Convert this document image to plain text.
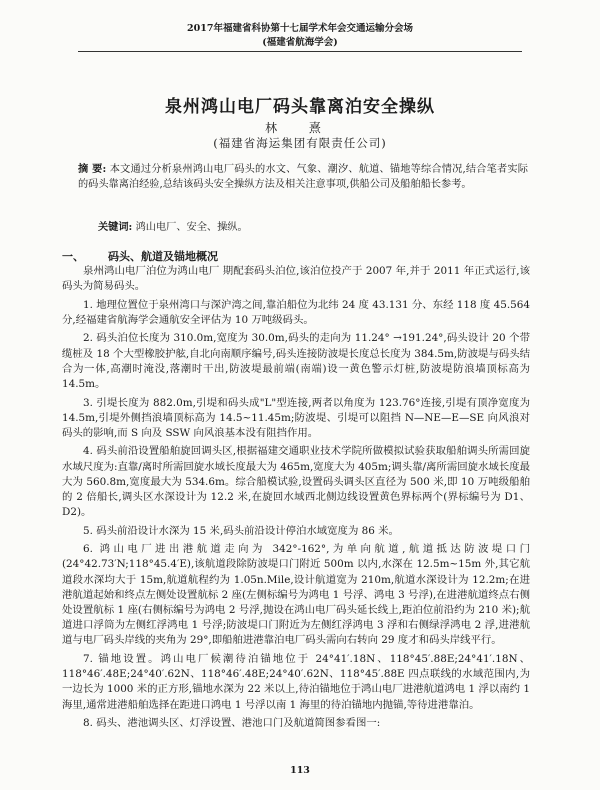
2017年福建省科协第十七届学术年会交通运输分会场
(福建省航海学会)
泉州鸿山电厂码头靠离泊安全操纵
林 熹
(福建省海运集团有限责任公司)
摘 要: 本文通过分析泉州鸿山电厂码头的水文、气象、潮汐、航道、锚地等综合情况,结合笔者实际的码头靠离泊经验,总结该码头安全操纵方法及相关注意事项,供船公司及船舶船长参考。
关键词: 鸿山电厂、安全、操纵。
一、 码头、航道及锚地概况

泉州鸿山电厂泊位为鸿山电厂 期配套码头泊位,该泊位投产于 2007 年,并于 2011 年正式运行,该码头为简易码头。

1. 地理位置位于泉州湾口与深沪湾之间,靠泊船位为北纬 24 度 43.131 分、东经 118 度 45.564 分,经福建省航海学会通航安全评估为 10 万吨级码头。

2. 码头泊位长度为 310.0m,宽度为 30.0m,码头的走向为 11.24° →191.24°,码头设计 20 个带缆桩及 18 个大型橡胶护舷,自北向南顺序编号,码头连接防波堤长度总长度为 384.5m,防波堤与码头结合为一体,高潮时淹没,落潮时干出,防波堤最前端(南端)设一黄色警示灯桩,防波堤防浪墙顶标高为 14.5m。

3. 引堤长度为 882.0m,引堤和码头成"L"型连接,两者以角度为 123.76°连接,引堤有顶净宽度为 14.5m,引堤外侧挡浪墙顶标高为 14.5~11.45m;防波堤、引堤可以阻挡 N—NE—E—SE 向风浪对码头的影响,而 S 向及 SSW 向风浪基本没有阻挡作用。

4. 码头前沿设置船舶旋回调头区,根据福建交通职业技术学院所做模拟试验获取船舶调头所需回旋水域尺度为:直靠/离时所需回旋水域长度最大为 465m,宽度大为 405m;调头靠/离所需回旋水域长度最大为 560.8m,宽度最大为 534.6m。综合船模试验,设置码头调头区直径为 500 米,即 10 万吨级船舶的 2 倍船长,调头区水深设计为 12.2 米,在旋回水域西北侧边线设置黄色界标两个(界标编号为 D1、D2)。

5. 码头前沿设计水深为 15 米,码头前沿设计停泊水域宽度为 86 米。

6. 鸿山电厂进出港航道走向为 342°-162°,为单向航道,航道抵达防波堤口门(24°42.73′N;118°45.4′E),该航道段除防波堤口门附近 500m 以内,水深在 12.5m~15m 外,其它航道段水深均大于 15m,航道航程约为 1.05n.Mile,设计航道宽为 210m,航道水深设计为 12.2m;在进港航道起始和终点左侧处设置航标 2 座(左侧标编号为鸿电 1 号浮、鸿电 3 号浮),在进港航道终点右侧处设置航标 1 座(右侧标编号为鸿电 2 号浮,抛设在鸿山电厂码头延长线上,距泊位前沿约为 210 米);航道进口浮筒为左侧红浮鸿电 1 号浮;防波堤口门附近为左侧红浮鸿电 3 浮和右侧绿浮鸿电 2 浮,进港航道与电厂码头岸线的夹角为 29°,即船舶进港靠泊电厂码头需向右转向 29 度才和码头岸线平行。

7. 锚地设置。鸿山电厂候潮待泊锚地位于 24°41′.18N、118°45′.88E;24°41′.18N、118°46′.48E;24°40′.62N、118°46′.48E;24°40′.62N、118°45′.88E 四点联线的水域范围内,为一边长为 1000 米的正方形,锚地水深为 22 米以上,待泊锚地位于鸿山电厂进港航道鸿电 1 浮以南约 1 海里,通常进港船舶选择在距进口鸿电 1 号浮以南 1 海里的待泊锚地内抛锚,等待进港靠泊。

8. 码头、港池调头区、灯浮设置、港池口门及航道简图参看图一:

113
